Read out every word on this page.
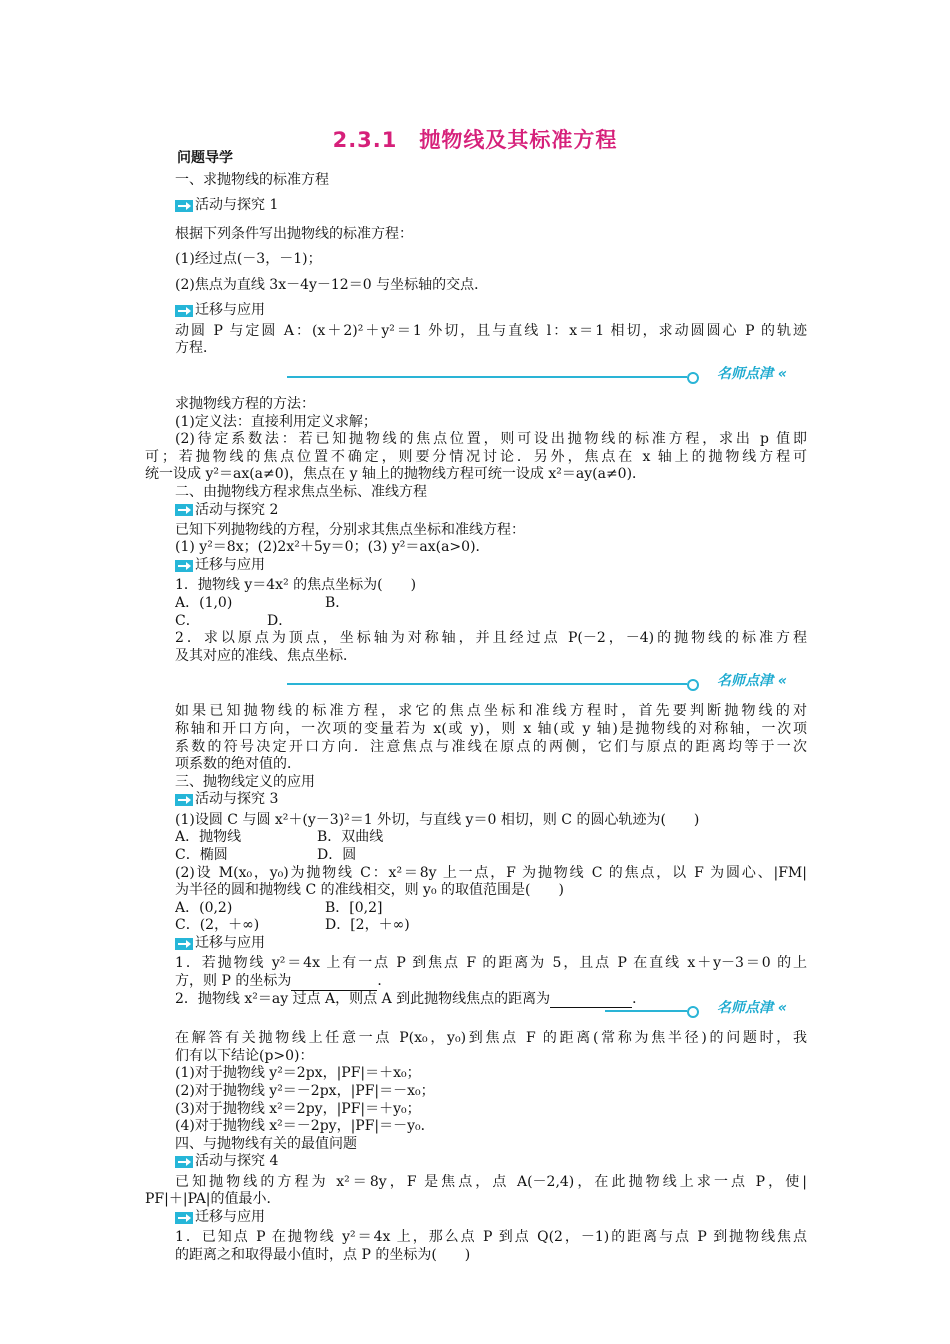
2.3.1　抛物线及其标准方程
问题导学
一、求抛物线的标准方程
活动与探究 1
根据下列条件写出抛物线的标准方程：
(1)经过点(－3，－1)；
(2)焦点为直线 3x－4y－12＝0 与坐标轴的交点．
迁移与应用
动圆 P 与定圆 A：(x＋2)²＋y²＝1 外切，且与直线 l：x＝1 相切，求动圆圆心 P 的轨迹
方程．
名师点津 «
求抛物线方程的方法：
(1)定义法：直接利用定义求解；
(2)待定系数法：若已知抛物线的焦点位置，则可设出抛物线的标准方程，求出 p 值即
可；若抛物线的焦点位置不确定，则要分情况讨论．另外，焦点在 x 轴上的抛物线方程可
统一设成 y²＝ax(a≠0)，焦点在 y 轴上的抛物线方程可统一设成 x²＝ay(a≠0)．
二、由抛物线方程求焦点坐标、准线方程
活动与探究 2
已知下列抛物线的方程，分别求其焦点坐标和准线方程：
(1) y²＝8x；(2)2x²＋5y＝0；(3) y²＝ax(a>0)．
迁移与应用
1．抛物线 y＝4x² 的焦点坐标为(　　)
A．(1,0)	B．
C．	D．
2．求以原点为顶点，坐标轴为对称轴，并且经过点 P(－2，－4)的抛物线的标准方程
及其对应的准线、焦点坐标．
名师点津 «
如果已知抛物线的标准方程，求它的焦点坐标和准线方程时，首先要判断抛物线的对
称轴和开口方向，一次项的变量若为 x(或 y)，则 x 轴(或 y 轴)是抛物线的对称轴，一次项
系数的符号决定开口方向．注意焦点与准线在原点的两侧，它们与原点的距离均等于一次
项系数的绝对值的．
三、抛物线定义的应用
活动与探究 3
(1)设圆 C 与圆 x²＋(y－3)²＝1 外切，与直线 y＝0 相切，则 C 的圆心轨迹为(　　)
A．抛物线	B．双曲线
C．椭圆	D．圆
(2)设 M(x₀，y₀)为抛物线 C：x²＝8y 上一点，F 为抛物线 C 的焦点，以 F 为圆心、|FM|
为半径的圆和抛物线 C 的准线相交，则 y₀ 的取值范围是(　　)
A．(0,2)	B．[0,2]
C．(2，＋∞)	D．[2，＋∞)
迁移与应用
1．若抛物线 y²＝4x 上有一点 P 到焦点 F 的距离为 5，且点 P 在直线 x＋y－3＝0 的上
方，则 P 的坐标为	．
2．抛物线 x²＝ay 过点 A，则点 A 到此抛物线焦点的距离为	．
名师点津 «
在解答有关抛物线上任意一点 P(x₀，y₀)到焦点 F 的距离(常称为焦半径)的问题时，我
们有以下结论(p>0)：
(1)对于抛物线 y²＝2px，|PF|＝＋x₀；
(2)对于抛物线 y²＝－2px，|PF|＝－x₀；
(3)对于抛物线 x²＝2py，|PF|＝＋y₀；
(4)对于抛物线 x²＝－2py，|PF|＝－y₀．
四、与抛物线有关的最值问题
活动与探究 4
已知抛物线的方程为 x²＝8y，F 是焦点，点 A(－2,4)，在此抛物线上求一点 P，使|
PF|＋|PA|的值最小．
迁移与应用
1．已知点 P 在抛物线 y²＝4x 上，那么点 P 到点 Q(2，－1)的距离与点 P 到抛物线焦点
的距离之和取得最小值时，点 P 的坐标为(　　)
